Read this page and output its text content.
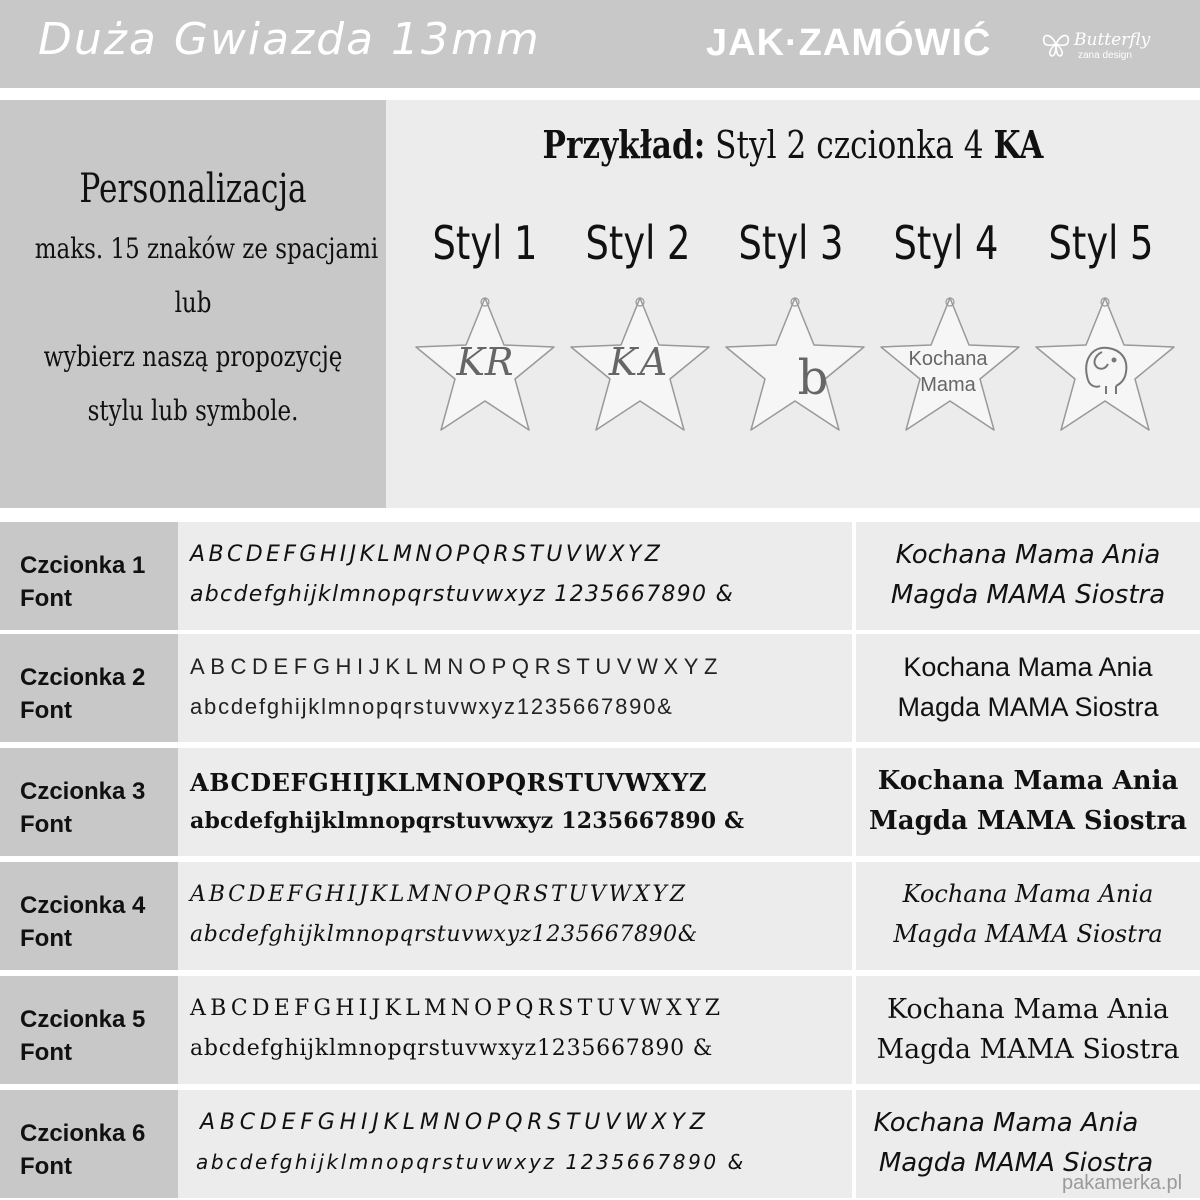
Duża Gwiazda 13mm	JAK·ZAMÓWIĆ	Butterfly
zana design
Personalizacja
maks. 15 znaków ze spacjami
lub
wybierz naszą propozycję
stylu lub symbole.
Przykład: Styl 2 czcionka 4 KA
Styl 1 Styl 2 Styl 3 Styl 4 Styl 5
KR	KA	b	Kochana Mama
Czcionka 1
Font
ABCDEFGHIJKLMNOPQRSTUVWXYZ
abcdefghijklmnopqrstuvwxyz 1235667890 &
Kochana Mama Ania
Magda MAMA Siostra
Czcionka 2
Font
ABCDEFGHIJKLMNOPQRSTUVWXYZ
abcdefghijklmnopqrstuvwxyz1235667890&
Kochana Mama Ania
Magda MAMA Siostra
Czcionka 3
Font
ABCDEFGHIJKLMNOPQRSTUVWXYZ
abcdefghijklmnopqrstuvwxyz 1235667890 &
Kochana Mama Ania
Magda MAMA Siostra
Czcionka 4
Font
ABCDEFGHIJKLMNOPQRSTUVWXYZ
abcdefghijklmnopqrstuvwxyz1235667890&
Kochana Mama Ania
Magda MAMA Siostra
Czcionka 5
Font
ABCDEFGHIJKLMNOPQRSTUVWXYZ
abcdefghijklmnopqrstuvwxyz1235667890 &
Kochana Mama Ania
Magda MAMA Siostra
Czcionka 6
Font
ABCDEFGHIJKLMNOPQRSTUVWXYZ
abcdefghijklmnopqrstuvwxyz 1235667890 &
Kochana Mama Ania
Magda MAMA Siostra
pakamerka.pl
